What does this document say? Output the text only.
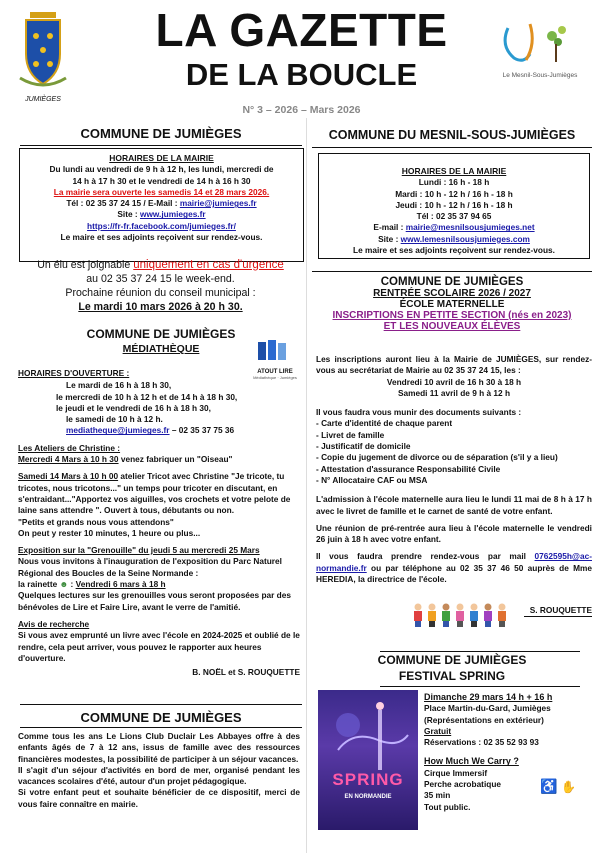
JUMIÈGES
LA GAZETTE
DE LA BOUCLE
N° 3 – 2026 – Mars 2026
Le Mesnil-Sous-Jumièges
COMMUNE DE JUMIÈGES
HORAIRES DE LA MAIRIE
Du lundi au vendredi de 9 h à 12 h, les lundi, mercredi de
14 h à 17 h 30 et le vendredi de 14 h à 16 h 30
La mairie sera ouverte les samedis 14 et 28 mars 2026.
Tél : 02 35 37 24 15 / E-Mail : mairie@jumieges.fr
Site : www.jumieges.fr
https://fr-fr.facebook.com/jumieges.fr/
Le maire et ses adjoints reçoivent sur rendez-vous.
Un élu est joignable uniquement en cas d'urgence
au 02 35 37 24 15 le week-end.
Prochaine réunion du conseil municipal :
Le mardi 10 mars 2026 à 20 h 30.
COMMUNE DE JUMIÈGES
MÉDIATHÈQUE
ATOUT LIRE
Médiathèque · Jumièges
HORAIRES D'OUVERTURE :
Le mardi de 16 h à 18 h 30,
le mercredi de 10 h à 12 h et de 14 h à 18 h 30,
le jeudi et le vendredi de 16 h à 18 h 30,
le samedi de 10 h à 12 h.
mediatheque@jumieges.fr – 02 35 37 75 36
Les Ateliers de Christine :
Mercredi 4 Mars à 10 h 30 venez fabriquer un "Oiseau"
Samedi 14 Mars à 10 h 00 atelier Tricot avec Christine "Je tricote, tu tricotes, nous tricotons..." un temps pour tricoter en discutant, en s'entraidant..."Apportez vos aiguilles, vos crochets et votre pelote de laine sans attendre ". Ouvert à tous, débutants ou non.
"Petits et grands nous vous attendons"
On peut y rester 10 minutes, 1 heure ou plus...
Exposition sur la "Grenouille" du jeudi 5 au mercredi 25 Mars
Nous vous invitons à l'inauguration de l'exposition du Parc Naturel Régional des Boucles de la Seine Normande :
la rainette ☻ : Vendredi 6 mars à 18 h
Quelques lectures sur les grenouilles vous seront proposées par des bénévoles de Lire et Faire Lire, avant le verre de l'amitié.
Avis de recherche
Si vous avez emprunté un livre avec l'école en 2024-2025 et oublié de le rendre, cela peut arriver, vous pouvez le rapporter aux heures d'ouverture.
B. NOËL et S. ROUQUETTE
COMMUNE DE JUMIÈGES
Comme tous les ans Le Lions Club Duclair Les Abbayes offre à des enfants âgés de 7 à 12 ans, issus de famille avec des ressources financières modestes, la possibilité de participer à un séjour vacances.
Il s'agit d'un séjour d'activités en bord de mer, organisé pendant les vacances scolaires d'été, autour d'un projet pédagogique.
Si votre enfant peut et souhaite bénéficier de ce dispositif, merci de vous faire connaître en mairie.
COMMUNE DU MESNIL-SOUS-JUMIÈGES
HORAIRES DE LA MAIRIE
Lundi : 16 h - 18 h
Mardi : 10 h - 12 h / 16 h - 18 h
Jeudi : 10 h - 12 h / 16 h - 18 h
Tél : 02 35 37 94 65
E-mail : mairie@mesnilsousjumieges.net
Site : www.lemesnilsousjumieges.com
Le maire et ses adjoints reçoivent sur rendez-vous.
COMMUNE DE JUMIÈGES
RENTRÉE SCOLAIRE 2026 / 2027
ÉCOLE MATERNELLE
INSCRIPTIONS EN PETITE SECTION (nés en 2023)
ET LES NOUVEAUX ÉLÈVES
Les inscriptions auront lieu à la Mairie de JUMIÈGES, sur rendez-vous au secrétariat de Mairie au 02 35 37 24 15, les :
Vendredi 10 avril de 16 h 30 à 18 h
Samedi 11 avril de 9 h à 12 h
Il vous faudra vous munir des documents suivants :
- Carte d'identité de chaque parent
- Livret de famille
- Justificatif de domicile
- Copie du jugement de divorce ou de séparation (s'il y a lieu)
- Attestation d'assurance Responsabilité Civile
- N° Allocataire CAF ou MSA
L'admission à l'école maternelle aura lieu le lundi 11 mai de 8 h à 17 h avec le livret de famille et le carnet de santé de votre enfant.
Une réunion de pré-rentrée aura lieu à l'école maternelle le vendredi 26 juin à 18 h avec votre enfant.
Il vous faudra prendre rendez-vous par mail 0762595h@ac-normandie.fr ou par téléphone au 02 35 37 46 50 auprès de Mme HEREDIA, la directrice de l'école.
S. ROUQUETTE
COMMUNE DE JUMIÈGES
FESTIVAL SPRING
SPRING
EN NORMANDIE
Dimanche 29 mars 14 h + 16 h
Place Martin-du-Gard, Jumièges
(Représentations en extérieur)
Gratuit
Réservations : 02 35 52 93 93
How Much We Carry ?
Cirque Immersif
Perche acrobatique
35 min
Tout public.
♿ ✋
